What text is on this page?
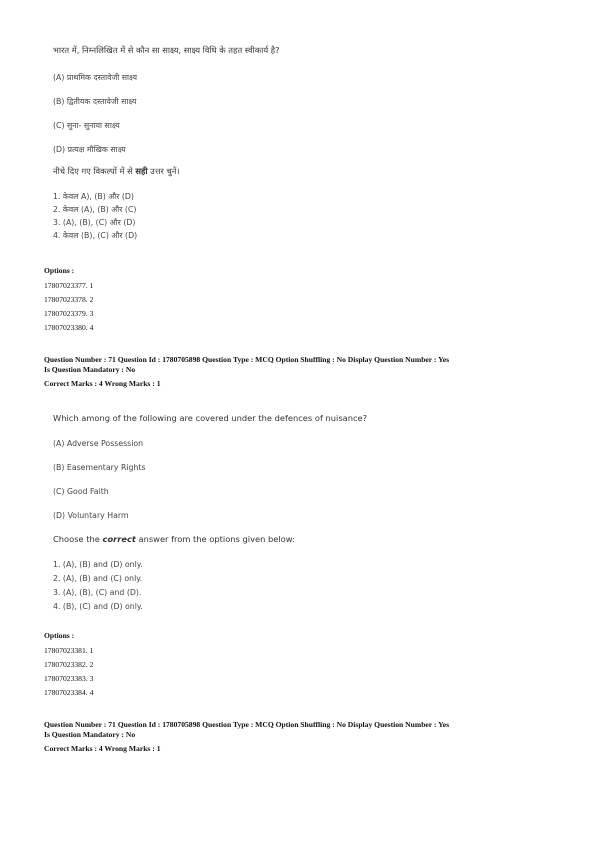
भारत में, निम्नलिखित में से कौन सा साक्ष्य, साक्ष्य विधि के तहत स्वीकार्य है?
(A) प्राथमिक दस्तावेजी साक्ष्य
(B) द्वितीयक दस्तावेजी साक्ष्य
(C) सुना- सुनाया साक्ष्य
(D) प्रत्यक्ष मौखिक साक्ष्य
नीचे दिए गए विकल्पों में से सही उत्तर चुनें।
1. केवल A), (B) और (D)
2. केवल (A), (B) और (C)
3. (A), (B), (C) और (D)
4. केवल (B), (C) और (D)
Options :
17807023377. 1
17807023378. 2
17807023379. 3
17807023380. 4
Question Number : 71 Question Id : 1780705898 Question Type : MCQ Option Shuffling : No Display Question Number : Yes
Is Question Mandatory : No
Correct Marks : 4 Wrong Marks : 1
Which among of the following are covered under the defences of nuisance?
(A) Adverse Possession
(B) Easementary Rights
(C) Good Faith
(D) Voluntary Harm
Choose the correct answer from the options given below:
1. (A), (B) and (D) only.
2. (A), (B) and (C) only.
3. (A), (B), (C) and (D).
4. (B), (C) and (D) only.
Options :
17807023381. 1
17807023382. 2
17807023383. 3
17807023384. 4
Question Number : 71 Question Id : 1780705898 Question Type : MCQ Option Shuffling : No Display Question Number : Yes
Is Question Mandatory : No
Correct Marks : 4 Wrong Marks : 1
